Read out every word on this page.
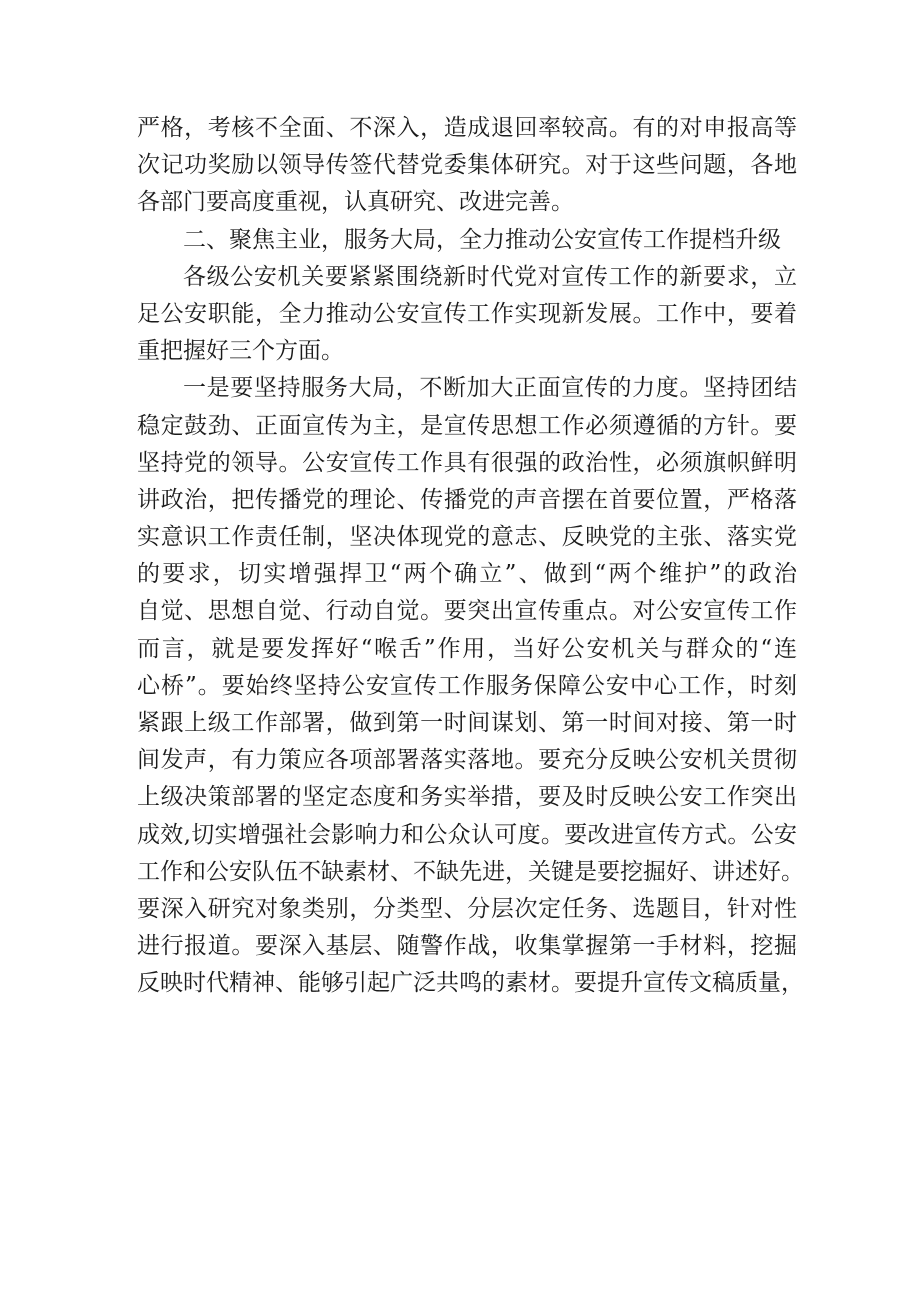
严格，考核不全面、不深入，造成退回率较高。有的对申报高等
次记功奖励以领导传签代替党委集体研究。对于这些问题，各地
各部门要高度重视，认真研究、改进完善。
二、聚焦主业，服务大局，全力推动公安宣传工作提档升级
各级公安机关要紧紧围绕新时代党对宣传工作的新要求，立
足公安职能，全力推动公安宣传工作实现新发展。工作中，要着
重把握好三个方面。
一是要坚持服务大局，不断加大正面宣传的力度。坚持团结
稳定鼓劲、正面宣传为主，是宣传思想工作必须遵循的方针。要
坚持党的领导。公安宣传工作具有很强的政治性，必须旗帜鲜明
讲政治，把传播党的理论、传播党的声音摆在首要位置，严格落
实意识工作责任制，坚决体现党的意志、反映党的主张、落实党
的要求，切实增强捍卫“两个确立”、做到“两个维护”的政治
自觉、思想自觉、行动自觉。要突出宣传重点。对公安宣传工作
而言，就是要发挥好“喉舌”作用，当好公安机关与群众的“连
心桥”。要始终坚持公安宣传工作服务保障公安中心工作，时刻
紧跟上级工作部署，做到第一时间谋划、第一时间对接、第一时
间发声，有力策应各项部署落实落地。要充分反映公安机关贯彻
上级决策部署的坚定态度和务实举措，要及时反映公安工作突出
成效,切实增强社会影响力和公众认可度。要改进宣传方式。公安
工作和公安队伍不缺素材、不缺先进，关键是要挖掘好、讲述好。
要深入研究对象类别，分类型、分层次定任务、选题目，针对性
进行报道。要深入基层、随警作战，收集掌握第一手材料，挖掘
反映时代精神、能够引起广泛共鸣的素材。要提升宣传文稿质量，
